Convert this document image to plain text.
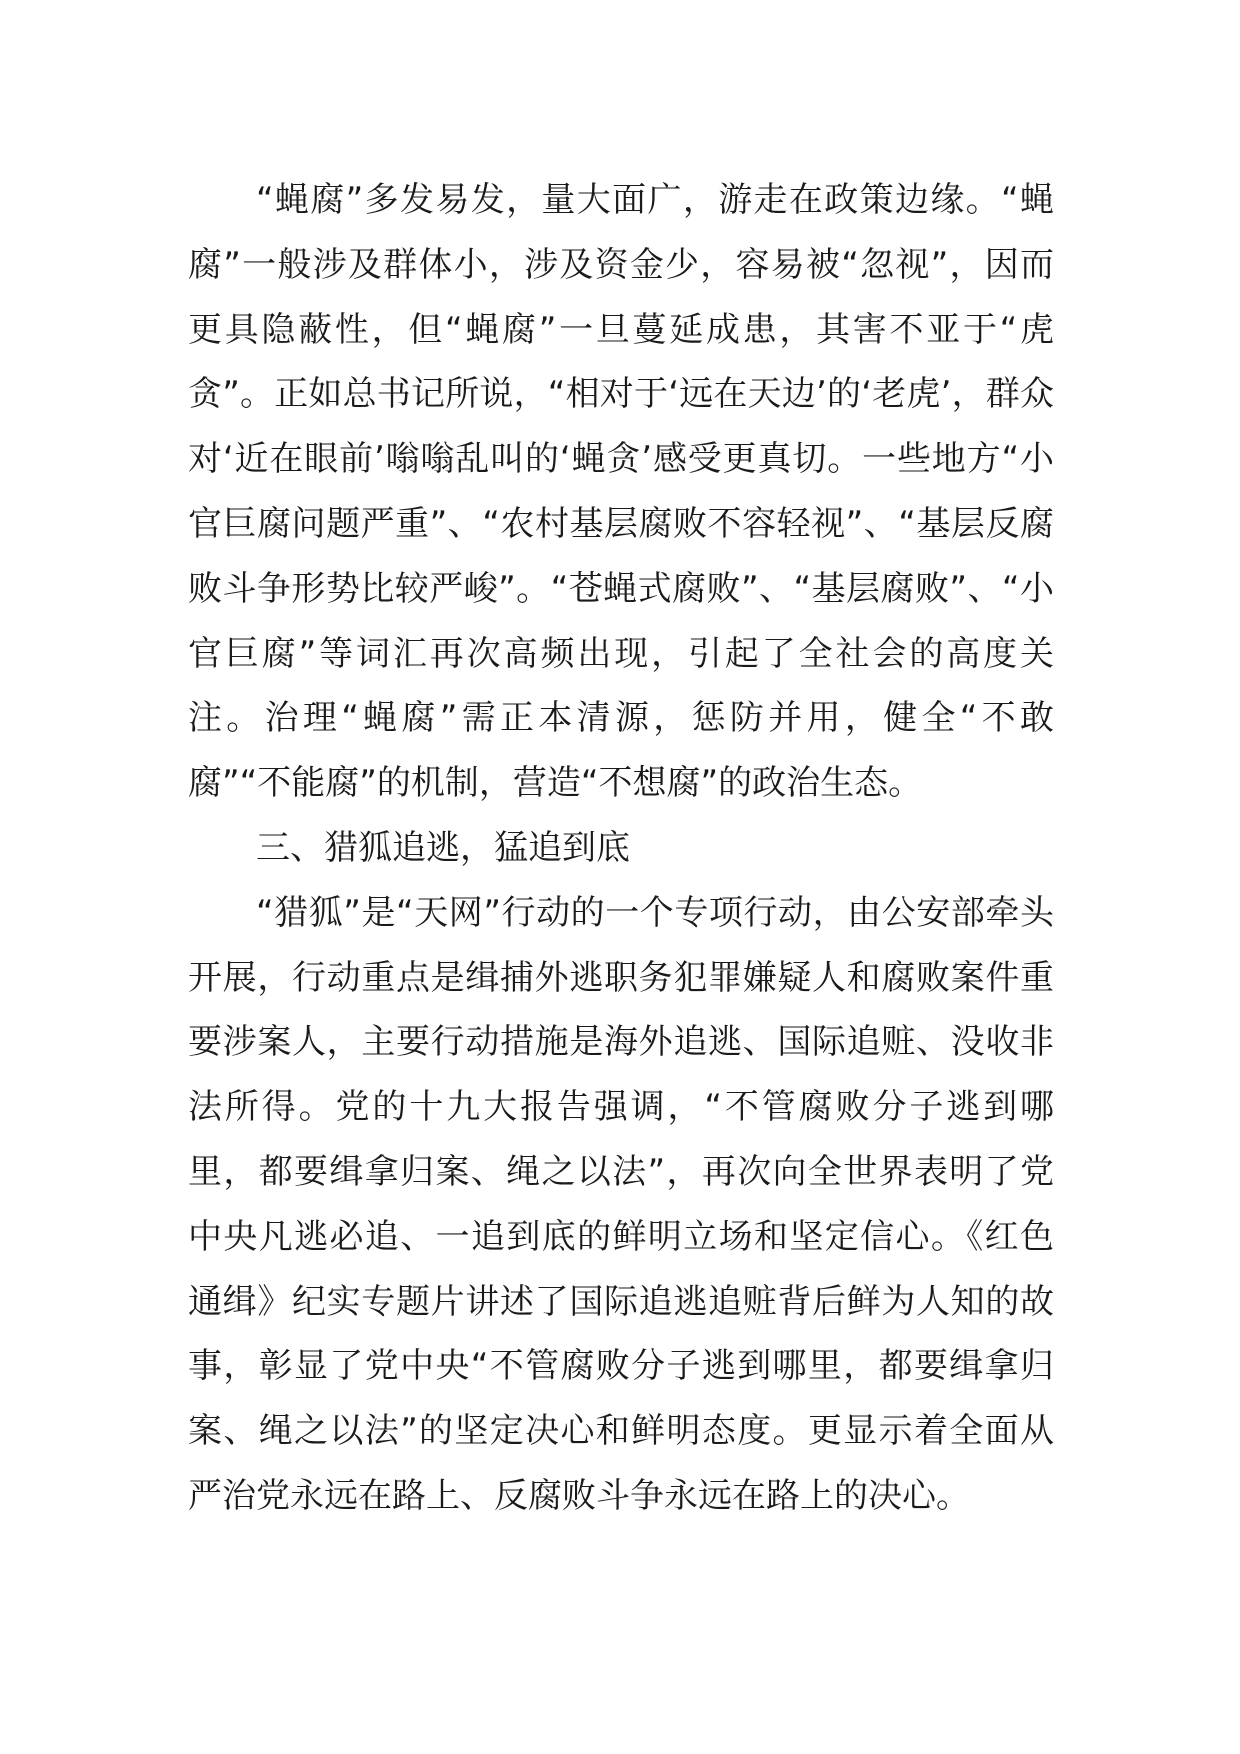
“蝇腐”多发易发，量大面广，游走在政策边缘。“蝇腐”一般涉及群体小，涉及资金少，容易被“忽视”，因而更具隐蔽性，但“蝇腐”一旦蔓延成患，其害不亚于“虎贪”。正如总书记所说，“相对于‘远在天边’的‘老虎’，群众对‘近在眼前’嗡嗡乱叫的‘蝇贪’感受更真切。一些地方“小官巨腐问题严重”、“农村基层腐败不容轻视”、“基层反腐败斗争形势比较严峻”。“苍蝇式腐败”、“基层腐败”、“小官巨腐”等词汇再次高频出现，引起了全社会的高度关注。治理“蝇腐”需正本清源，惩防并用，健全“不敢腐”“不能腐”的机制，营造“不想腐”的政治生态。

三、猎狐追逃，猛追到底

“猎狐”是“天网”行动的一个专项行动，由公安部牵头开展，行动重点是缉捕外逃职务犯罪嫌疑人和腐败案件重要涉案人，主要行动措施是海外追逃、国际追赃、没收非法所得。党的十九大报告强调，“不管腐败分子逃到哪里，都要缉拿归案、绳之以法”，再次向全世界表明了党中央凡逃必追、一追到底的鲜明立场和坚定信心。《红色通缉》纪实专题片讲述了国际追逃追赃背后鲜为人知的故事，彰显了党中央“不管腐败分子逃到哪里，都要缉拿归案、绳之以法”的坚定决心和鲜明态度。更显示着全面从严治党永远在路上、反腐败斗争永远在路上的决心。
